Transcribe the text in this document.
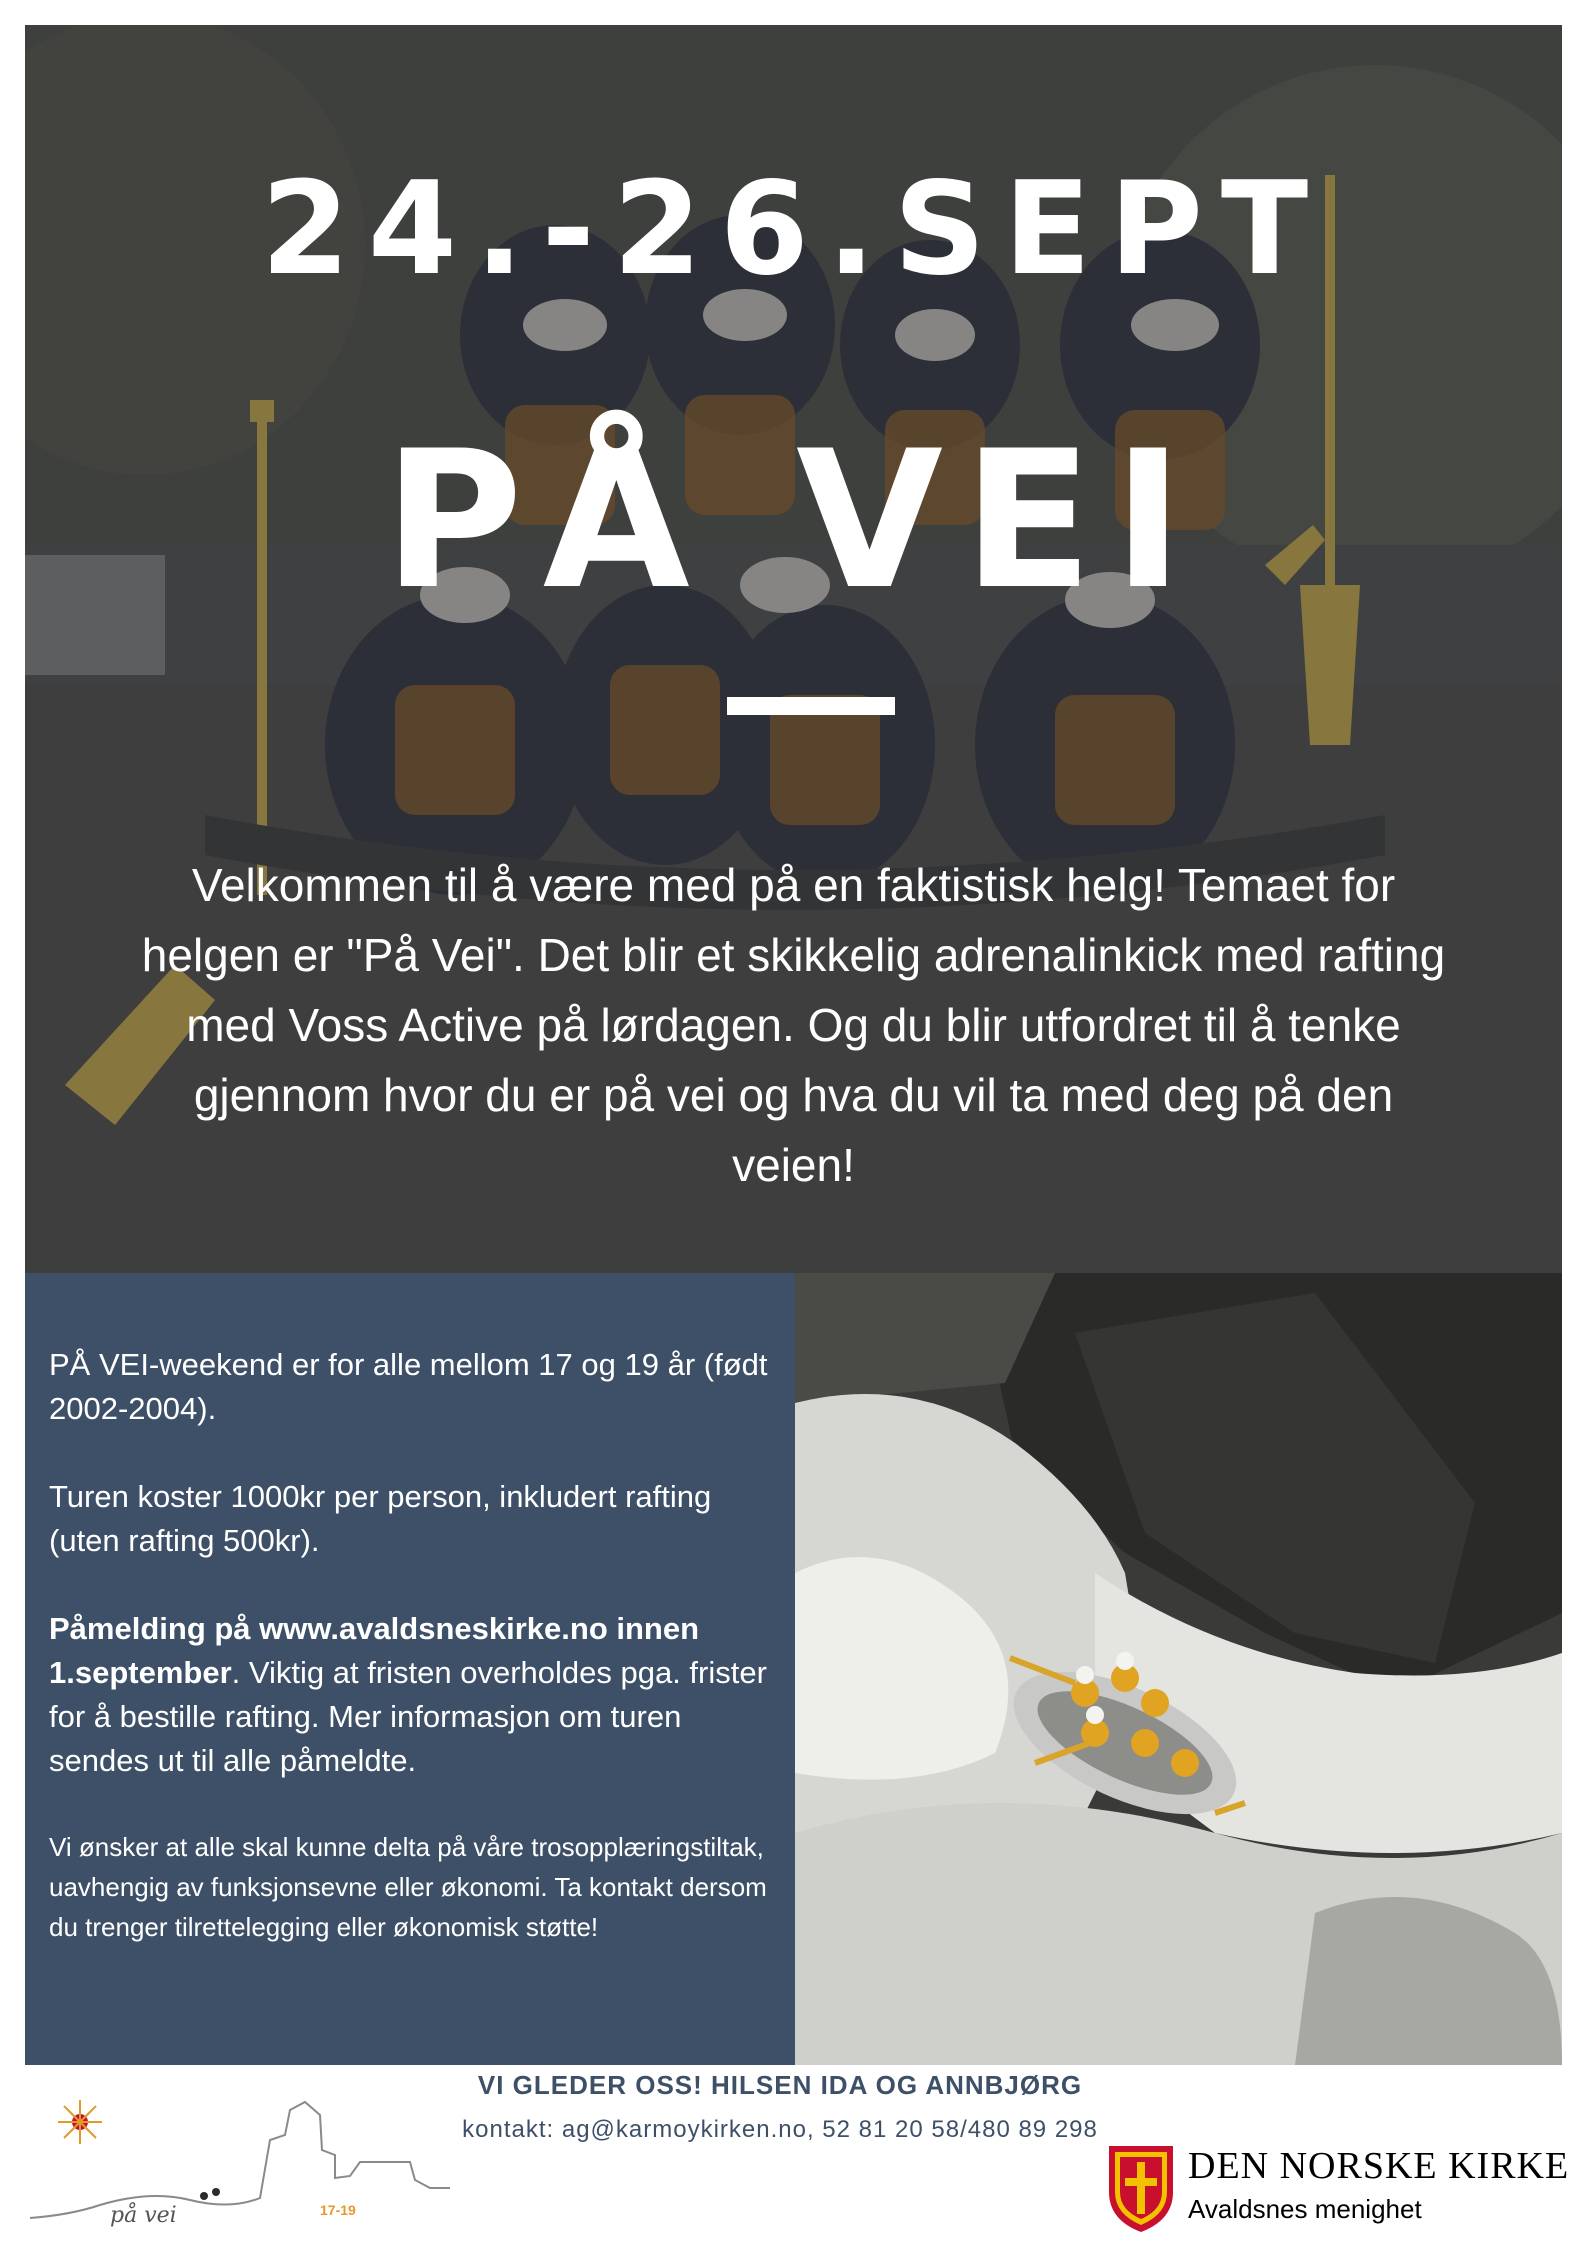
24.-26.SEPT
PÅ VEI
Velkommen til å være med på en faktistisk helg! Temaet for helgen er "På Vei". Det blir et skikkelig adrenalinkick med rafting med Voss Active på lørdagen. Og du blir utfordret til å tenke gjennom hvor du er på vei og hva du vil ta med deg på den veien!

PÅ VEI-weekend er for alle mellom 17 og 19 år (født 2002-2004).

Turen koster 1000kr per person, inkludert rafting (uten rafting 500kr).

Påmelding på www.avaldsneskirke.no innen 1.september. Viktig at fristen overholdes pga. frister for å bestille rafting. Mer informasjon om turen sendes ut til alle påmeldte.

Vi ønsker at alle skal kunne delta på våre trosopplæringstiltak, uavhengig av funksjonsevne eller økonomi. Ta kontakt dersom du trenger tilrettelegging eller økonomisk støtte!

VI GLEDER OSS! HILSEN IDA OG ANNBJØRG
kontakt: ag@karmoykirken.no, 52 81 20 58/480 89 298
på vei	17-19
DEN NORSKE KIRKE
Avaldsnes menighet
